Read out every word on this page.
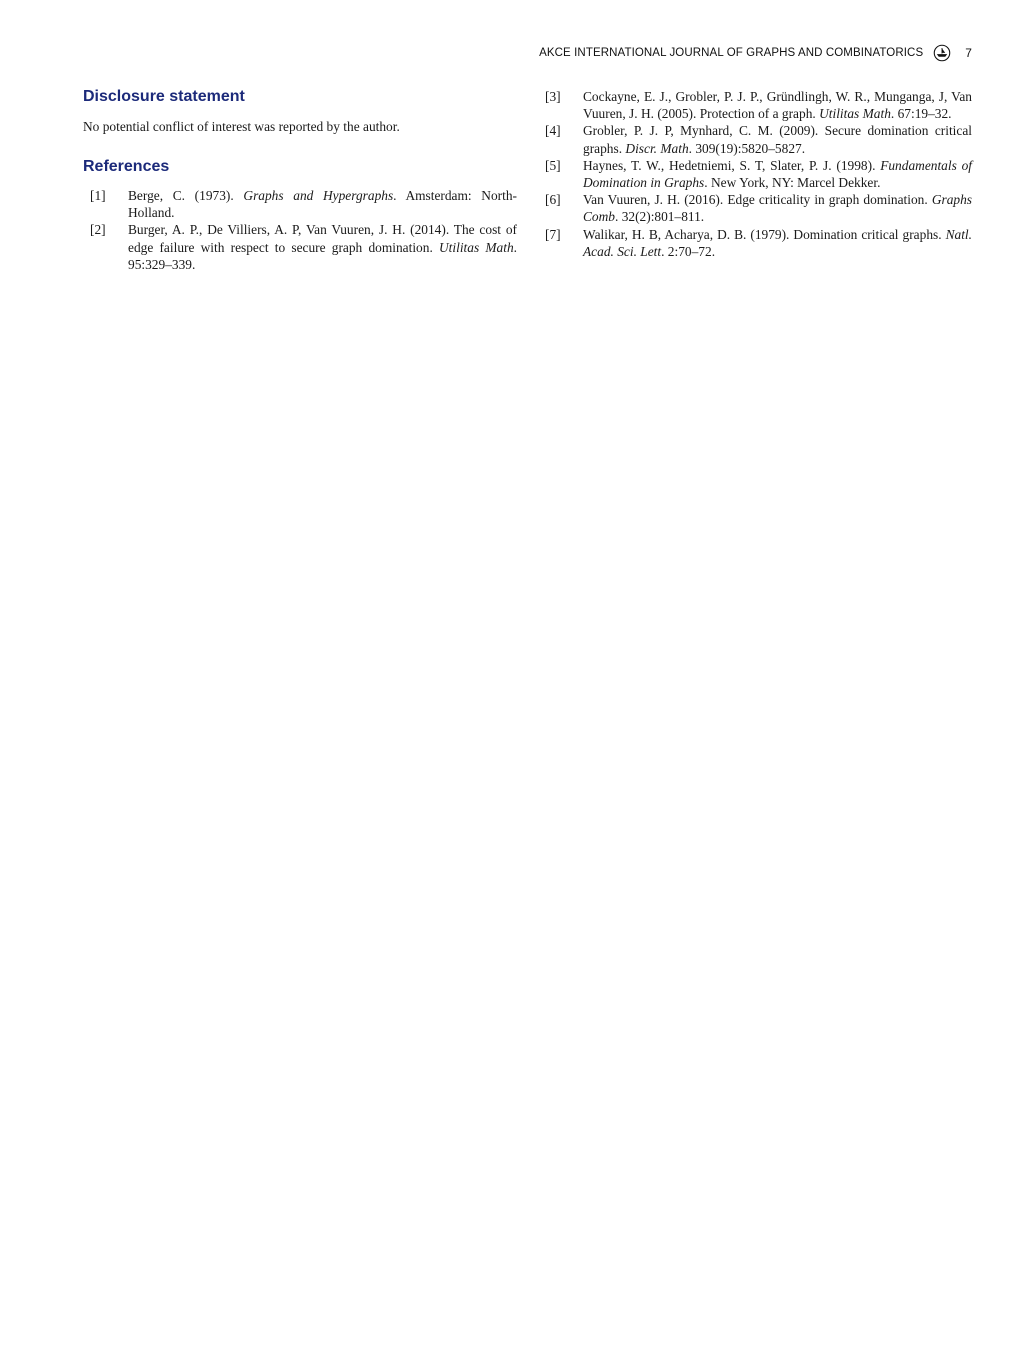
AKCE INTERNATIONAL JOURNAL OF GRAPHS AND COMBINATORICS	7
Disclosure statement

No potential conflict of interest was reported by the author.

References
[1]	Berge, C. (1973). Graphs and Hypergraphs. Amsterdam: North-Holland.
[2]	Burger, A. P., De Villiers, A. P, Van Vuuren, J. H. (2014). The cost of edge failure with respect to secure graph domination. Utilitas Math. 95:329–339.
[3]	Cockayne, E. J., Grobler, P. J. P., Gründlingh, W. R., Munganga, J, Van Vuuren, J. H. (2005). Protection of a graph. Utilitas Math. 67:19–32.
[4]	Grobler, P. J. P, Mynhard, C. M. (2009). Secure domination critical graphs. Discr. Math. 309(19):5820–5827.
[5]	Haynes, T. W., Hedetniemi, S. T, Slater, P. J. (1998). Fundamentals of Domination in Graphs. New York, NY: Marcel Dekker.
[6]	Van Vuuren, J. H. (2016). Edge criticality in graph domination. Graphs Comb. 32(2):801–811.
[7]	Walikar, H. B, Acharya, D. B. (1979). Domination critical graphs. Natl. Acad. Sci. Lett. 2:70–72.
